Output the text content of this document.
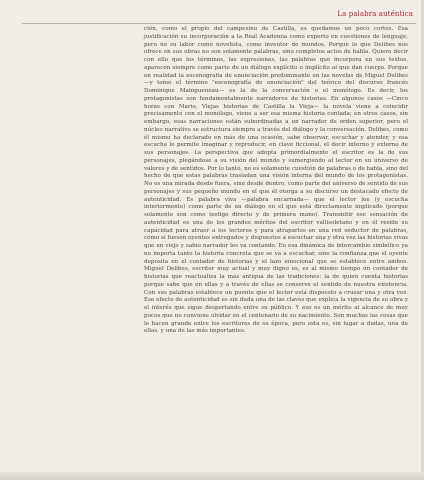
La palabra auténtica

ción, como el propio del campesino de Castilla, es quedamos un poco cortos. Esa justificación su incorporación a la Real Academia como experto en cuestiones de lenguaje, pero no su labor como novelista, como inventor de mundos. Porque lo que Delibes nos ofrece en sus obras no son solamente palabras, sino completos actos de habla. Quiero decir con ello que los términos, las expresiones, las palabras que incorpora en sus textos, aparecen siempre como parte de un diálogo explícito o implícito al que dan cuerpo. Porque en realidad la escenografía de enunciación predominante en las novelas de Miguel Delibes —y tomo el término "escenografía de enunciación" del teórico del discurso francés Dominique Maingueneau— es la de la conversación o el monólogo. Es decir, los protagonistas son fundamentalmente narradores de historias. En algunos casos —Cinco horas con Mario, Viejas historias de Castilla la Vieja— la novela viene a coincidir precisamente con el monólogo, viene a ser esa misma historia contada; en otros casos, sin embargo, esas narraciones están subordinadas a un narrador de orden superior, pero el núcleo narrativo se estructura siempre a través del diálogo y la conversación. Delibes, como él mismo ha declarado en más de una ocasión, sabe observar, escuchar y atender, y esa escucha le permite imaginar y reproducir, en clave ficcional, el decir interno y externo de sus personajes. La perspectiva que adopta primordialmente el escritor es la de sus personajes, plegándose a su visión del mundo y sumergiendo al lector en su universo de valores y de sentidos. Por lo tanto, no es solamente cuestión de palabras o de habla, sino del hecho de que estas palabras trasladan una visión interna del mundo de los protagonistas. No es una mirada desde fuera, sino desde dentro, como parte del universo de sentido de sus personajes y sus pequeño mundo en el que él otorga a su discurso un destacado efecto de autenticidad. Es palabra viva —palabra encarnada— que el lector lee (y escucha interiormente) como parte de un diálogo en el que está directamente implicado (porque solamente son como testigo directo y de primera mano). Transmitir ese sensación de autenticidad es una de los grandes méritos del escritor vallisoletano y en él reside su capacidad para atraer a los lectores y para atraparlos en una red seductor de palabras, como si fuesen oyentes entregados y dispuestos a escuchar una y otra vez las historias vivas que en viejo y sabio narrador les va contando. En esa dinámica de intercambio simbólico ya no importa tanto la historia concreta que se va a escuchar, sino la confianza que el oyente deposita en el contador de historias y el lazo emocional que se establece entre ambos. Miguel Delibes, escritor muy actual y muy digno es, es al mismo tiempo un contador de historias que reactualiza la más antigua de las tradiciones: la de quien cuenta historias porque sabe que en ellas y a través de ellas se conserve el sentido de nuestra existencia. Con sus palabras establece un puente que el lector está dispuesto a cruzar una y otra vez. Ese efecto de autenticidad es sin duda una de las claves que explica la vigencia de su obra y el interés que sigue despertando entre su público. Y eso es un mérito al alcance de muy pocos que no conviene olvidar en el centenario de su nacimiento. Son muchas las cosas que le hacen grande entre los escritores de su época, pero esta es, sin lugar a dudas, una de ellas, y una de las más importantes.
